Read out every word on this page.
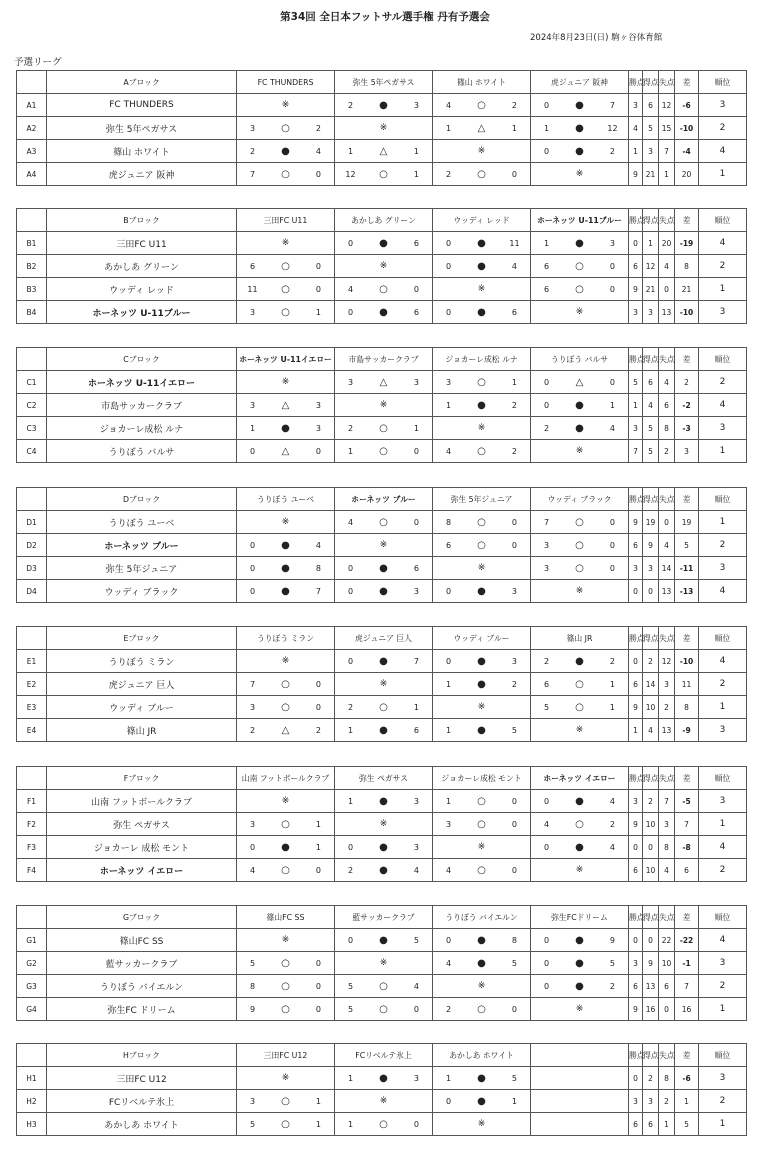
第34回 全日本フットサル選手権 丹有予選会
2024年8月23日(日) 駒ヶ谷体育館
予選リーグ
	Aブロック	FC THUNDERS	弥生 5年ペガサス	篠山 ホワイト	虎ジュニア 阪神	勝点	得点	失点	差	順位
A1	FC THUNDERS	※	2 ● 3	4 ○ 2	0 ● 7	3	6	12	-6	3
A2	弥生 5年ペガサス	3 ○ 2	※	1 △ 1	1 ● 12	4	5	15	-10	2
A3	篠山 ホワイト	2 ● 4	1 △ 1	※	0 ● 2	1	3	7	-4	4
A4	虎ジュニア 阪神	7 ○ 0	12 ○ 1	2 ○ 0	※	9	21	1	20	1
	Bブロック	三田FC U11	あかしあ グリーン	ウッディ レッド	ホーネッツ U-11ブルー	勝点	得点	失点	差	順位
B1	三田FC U11	※	0 ● 6	0 ● 11	1 ● 3	0	1	20	-19	4
B2	あかしあ グリーン	6 ○ 0	※	0 ● 4	6 ○ 0	6	12	4	8	2
B3	ウッディ レッド	11 ○ 0	4 ○ 0	※	6 ○ 0	9	21	0	21	1
B4	ホーネッツ U-11ブルー	3 ○ 1	0 ● 6	0 ● 6	※	3	3	13	-10	3
	Cブロック	ホーネッツ U-11イエロー	市島サッカークラブ	ジョカーレ成松 ルナ	うりぼう バルサ	勝点	得点	失点	差	順位
C1	ホーネッツ U-11イエロー	※	3 △ 3	3 ○ 1	0 △ 0	5	6	4	2	2
C2	市島サッカークラブ	3 △ 3	※	1 ● 2	0 ● 1	1	4	6	-2	4
C3	ジョカーレ成松 ルナ	1 ● 3	2 ○ 1	※	2 ● 4	3	5	8	-3	3
C4	うりぼう バルサ	0 △ 0	1 ○ 0	4 ○ 2	※	7	5	2	3	1
	Dブロック	うりぼう ユーベ	ホーネッツ ブルー	弥生 5年ジュニア	ウッディ ブラック	勝点	得点	失点	差	順位
D1	うりぼう ユーベ	※	4 ○ 0	8 ○ 0	7 ○ 0	9	19	0	19	1
D2	ホーネッツ ブルー	0 ● 4	※	6 ○ 0	3 ○ 0	6	9	4	5	2
D3	弥生 5年ジュニア	0 ● 8	0 ● 6	※	3 ○ 0	3	3	14	-11	3
D4	ウッディ ブラック	0 ● 7	0 ● 3	0 ● 3	※	0	0	13	-13	4
	Eブロック	うりぼう ミラン	虎ジュニア 巨人	ウッディ ブルー	篠山 JR	勝点	得点	失点	差	順位
E1	うりぼう ミラン	※	0 ● 7	0 ● 3	2 ● 2	0	2	12	-10	4
E2	虎ジュニア 巨人	7 ○ 0	※	1 ● 2	6 ○ 1	6	14	3	11	2
E3	ウッディ ブルー	3 ○ 0	2 ○ 1	※	5 ○ 1	9	10	2	8	1
E4	篠山 JR	2 △ 2	1 ● 6	1 ● 5	※	1	4	13	-9	3
	Fブロック	山南 フットボールクラブ	弥生 ペガサス	ジョカーレ成松 モント	ホーネッツ イエロー	勝点	得点	失点	差	順位
F1	山南 フットボールクラブ	※	1 ● 3	1 ○ 0	0 ● 4	3	2	7	-5	3
F2	弥生 ペガサス	3 ○ 1	※	3 ○ 0	4 ○ 2	9	10	3	7	1
F3	ジョカーレ 成松 モント	0 ● 1	0 ● 3	※	0 ● 4	0	0	8	-8	4
F4	ホーネッツ イエロー	4 ○ 0	2 ● 4	4 ○ 0	※	6	10	4	6	2
	Gブロック	篠山FC SS	藍サッカークラブ	うりぼう バイエルン	弥生FCドリーム	勝点	得点	失点	差	順位
G1	篠山FC SS	※	0 ● 5	0 ● 8	0 ● 9	0	0	22	-22	4
G2	藍サッカークラブ	5 ○ 0	※	4 ● 5	0 ● 5	3	9	10	-1	3
G3	うりぼう バイエルン	8 ○ 0	5 ○ 4	※	0 ● 2	6	13	6	7	2
G4	弥生FC ドリーム	9 ○ 0	5 ○ 0	2 ○ 0	※	9	16	0	16	1
	Hブロック	三田FC U12	FCリベルテ氷上	あかしあ ホワイト		勝点	得点	失点	差	順位
H1	三田FC U12	※	1 ● 3	1 ● 5		0	2	8	-6	3
H2	FCリベルテ氷上	3 ○ 1	※	0 ● 1		3	3	2	1	2
H3	あかしあ ホワイト	5 ○ 1	1 ○ 0	※		6	6	1	5	1
